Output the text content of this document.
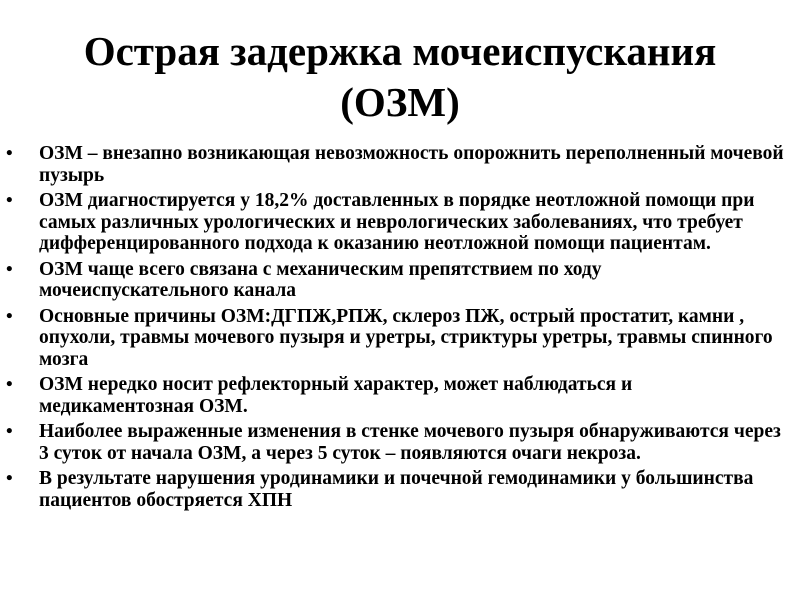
Острая задержка мочеиспускания (ОЗМ)
• ОЗМ – внезапно возникающая невозможность опорожнить переполненный мочевой пузырь
• ОЗМ диагностируется у 18,2% доставленных в порядке неотложной помощи при самых различных урологических и неврологических заболеваниях, что требует дифференцированного подхода к оказанию неотложной помощи пациентам.
• ОЗМ чаще всего связана с механическим препятствием по ходу мочеиспускательного канала
• Основные причины ОЗМ:ДГПЖ,РПЖ, склероз ПЖ, острый простатит, камни , опухоли, травмы мочевого пузыря и уретры, стриктуры уретры, травмы спинного мозга
• ОЗМ нередко носит рефлекторный характер, может наблюдаться и медикаментозная ОЗМ.
• Наиболее выраженные изменения в стенке мочевого пузыря обнаруживаются через 3 суток от начала ОЗМ, а через 5 суток – появляются очаги некроза.
• В результате нарушения уродинамики и почечной гемодинамики у большинства пациентов обостряется ХПН
